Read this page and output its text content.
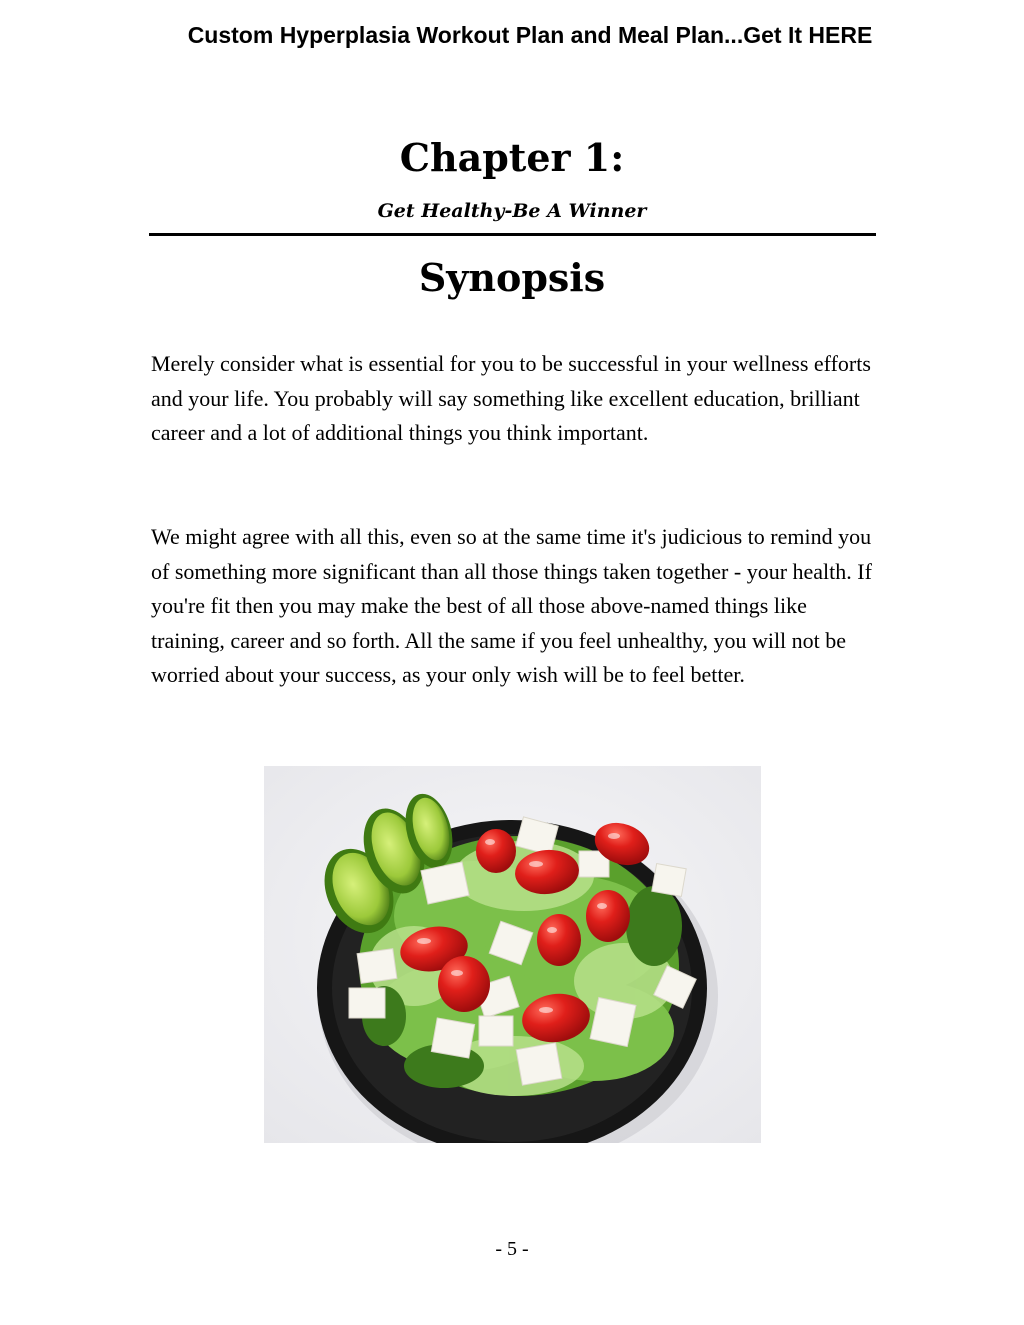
Custom Hyperplasia Workout Plan and Meal Plan...Get It HERE
Chapter 1:
Get Healthy-Be A Winner
Synopsis

Merely consider what is essential for you to be successful in your wellness efforts and your life. You probably will say something like excellent education, brilliant career and a lot of additional things you think important.

We might agree with all this, even so at the same time it's judicious to remind you of something more significant than all those things taken together - your health. If you're fit then you may make the best of all those above-named things like training, career and so forth. All the same if you feel unhealthy, you will not be worried about your success, as your only wish will be to feel better.

- 5 -
